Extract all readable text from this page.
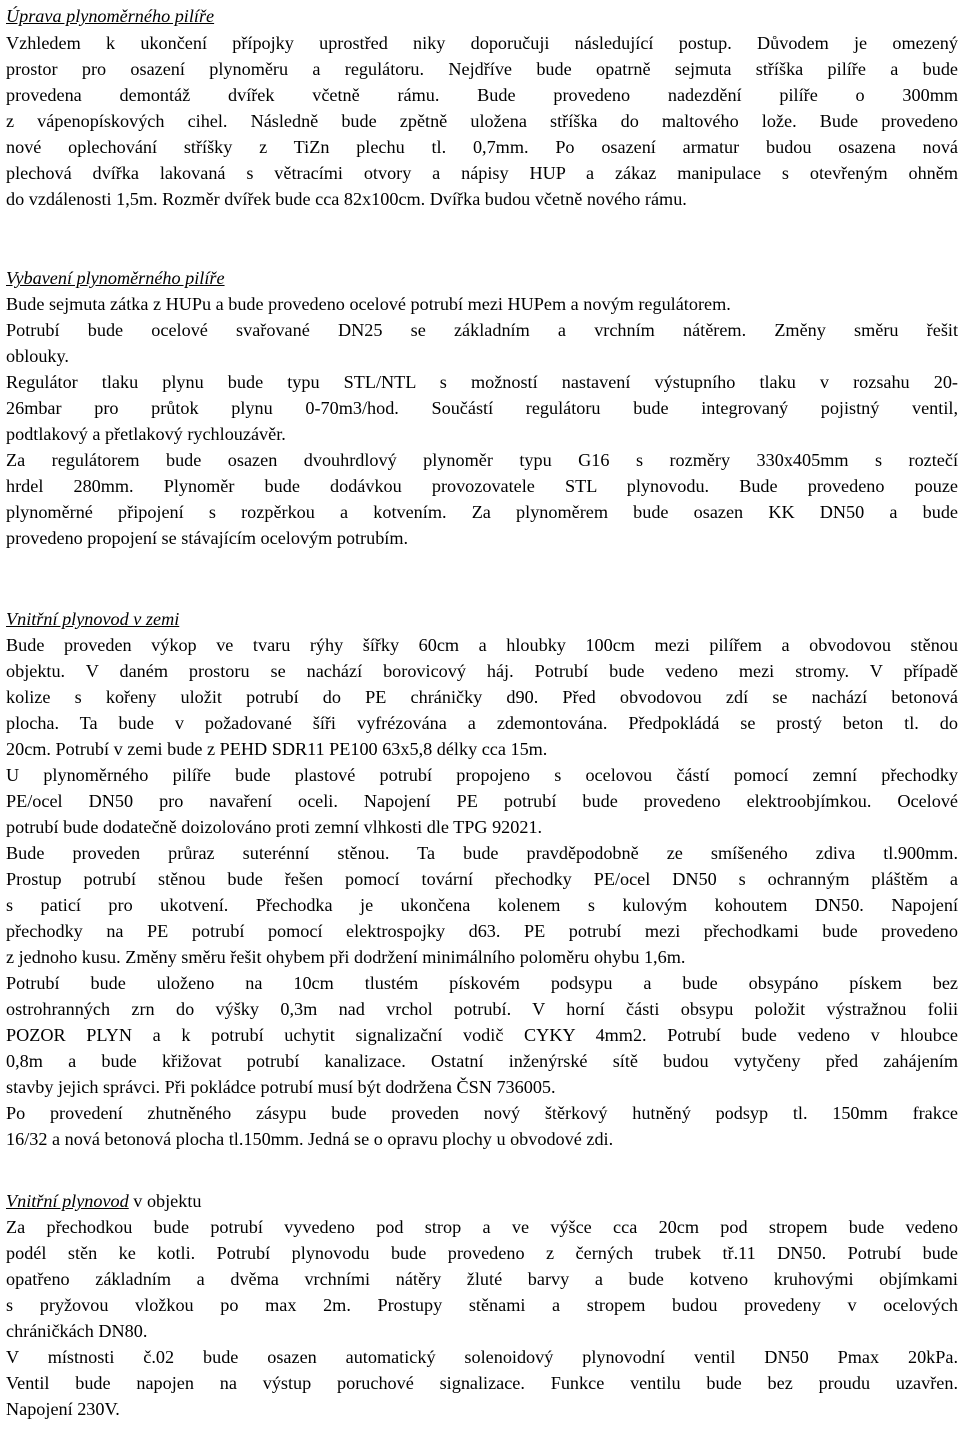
Úprava plynoměrného pilíře
Vzhledem k ukončení přípojky uprostřed niky doporučuji následující postup. Důvodem je omezený
prostor pro osazení plynoměru a regulátoru. Nejdříve bude opatrně sejmuta stříška pilíře a bude
provedena demontáž dvířek včetně rámu. Bude provedeno nadezdění pilíře o 300mm
z vápenopískových cihel. Následně bude zpětně uložena stříška do maltového lože. Bude provedeno
nové oplechování stříšky z TiZn plechu tl. 0,7mm. Po osazení armatur budou osazena nová
plechová dvířka lakovaná s větracími otvory a nápisy HUP a zákaz manipulace s otevřeným ohněm
do vzdálenosti 1,5m. Rozměr dvířek bude cca 82x100cm. Dvířka budou včetně nového rámu.
Vybavení plynoměrného pilíře
Bude sejmuta zátka z HUPu a bude provedeno ocelové potrubí mezi HUPem a novým regulátorem.
Potrubí bude ocelové svařované DN25 se základním a vrchním nátěrem. Změny směru řešit
oblouky.
Regulátor tlaku plynu bude typu STL/NTL s možností nastavení výstupního tlaku v rozsahu 20-
26mbar pro průtok plynu 0-70m3/hod. Součástí regulátoru bude integrovaný pojistný ventil,
podtlakový a přetlakový rychlouzávěr.
Za regulátorem bude osazen dvouhrdlový plynoměr typu G16 s rozměry 330x405mm s roztečí
hrdel 280mm. Plynoměr bude dodávkou provozovatele STL plynovodu. Bude provedeno pouze
plynoměrné připojení s rozpěrkou a kotvením. Za plynoměrem bude osazen KK DN50 a bude
provedeno propojení se stávajícím ocelovým potrubím.
Vnitřní plynovod v zemi
Bude proveden výkop ve tvaru rýhy šířky 60cm a hloubky 100cm mezi pilířem a obvodovou stěnou
objektu. V daném prostoru se nachází borovicový háj. Potrubí bude vedeno mezi stromy. V případě
kolize s kořeny uložit potrubí do PE chráničky d90. Před obvodovou zdí se nachází betonová
plocha. Ta bude v požadované šíři vyfrézována a zdemontována. Předpokládá se prostý beton tl. do
20cm. Potrubí v zemi bude z PEHD SDR11 PE100 63x5,8 délky cca 15m.
U plynoměrného pilíře bude plastové potrubí propojeno s ocelovou částí pomocí zemní přechodky
PE/ocel DN50 pro navaření oceli. Napojení PE potrubí bude provedeno elektroobjímkou. Ocelové
potrubí bude dodatečně doizolováno proti zemní vlhkosti dle TPG 92021.
Bude proveden průraz suterénní stěnou. Ta bude pravděpodobně ze smíšeného zdiva tl.900mm.
Prostup potrubí stěnou bude řešen pomocí tovární přechodky PE/ocel DN50 s ochranným pláštěm a
s paticí pro ukotvení. Přechodka je ukončena kolenem s kulovým kohoutem DN50. Napojení
přechodky na PE potrubí pomocí elektrospojky d63. PE potrubí mezi přechodkami bude provedeno
z jednoho kusu. Změny směru řešit ohybem při dodržení minimálního poloměru ohybu 1,6m.
Potrubí bude uloženo na 10cm tlustém pískovém podsypu a bude obsypáno pískem bez
ostrohranných zrn do výšky 0,3m nad vrchol potrubí. V horní části obsypu položit výstražnou folii
POZOR PLYN a k potrubí uchytit signalizační vodič CYKY 4mm2. Potrubí bude vedeno v hloubce
0,8m a bude křižovat potrubí kanalizace. Ostatní inženýrské sítě budou vytyčeny před zahájením
stavby jejich správci. Při pokládce potrubí musí být dodržena ČSN 736005.
Po provedení zhutněného zásypu bude proveden nový štěrkový hutněný podsyp tl. 150mm frakce
16/32 a nová betonová plocha tl.150mm. Jedná se o opravu plochy u obvodové zdi.
Vnitřní plynovod v objektu
Za přechodkou bude potrubí vyvedeno pod strop a ve výšce cca 20cm pod stropem bude vedeno
podél stěn ke kotli. Potrubí plynovodu bude provedeno z černých trubek tř.11 DN50. Potrubí bude
opatřeno základním a dvěma vrchními nátěry žluté barvy a bude kotveno kruhovými objímkami
s pryžovou vložkou po max 2m. Prostupy stěnami a stropem budou provedeny v ocelových
chráničkách DN80.
V místnosti č.02 bude osazen automatický solenoidový plynovodní ventil DN50 Pmax 20kPa.
Ventil bude napojen na výstup poruchové signalizace. Funkce ventilu bude bez proudu uzavřen.
Napojení 230V.
